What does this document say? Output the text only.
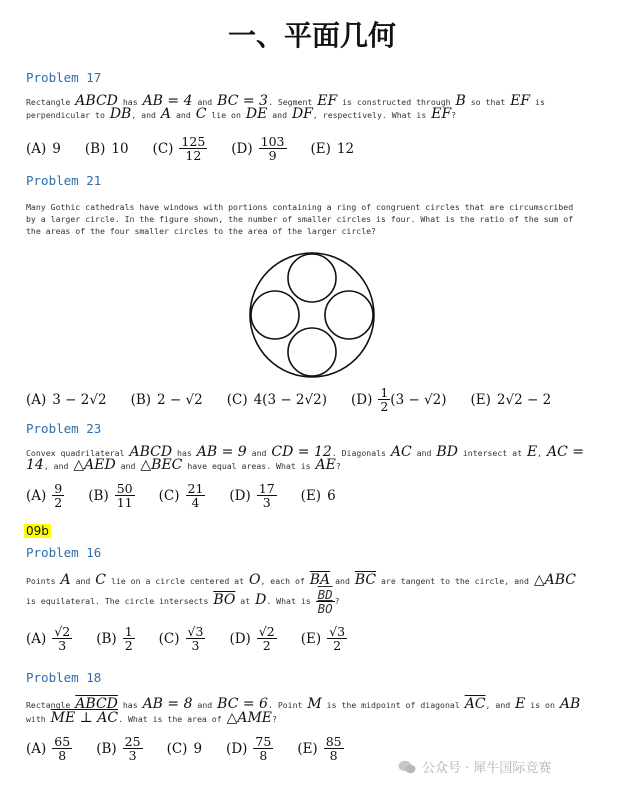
一、平面几何
Problem 17
Rectangle ABCD has AB = 4 and BC = 3. Segment EF is constructed through B so that EF is perpendicular to DB, and A and C lie on DE and DF, respectively. What is EF?
(A) 9 (B) 10 $(C) \frac{125}{12} (D) \frac{103}{9} (E)$ 12
Problem 21
Many Gothic cathedrals have windows with portions containing a ring of congruent circles that are circumscribed by a larger circle. In the figure shown, the number of smaller circles is four. What is the ratio of the sum of the areas of the four smaller circles to the area of the larger circle?
(A) 3 − 2√2 (B) 2 − √2 (C) 4(3 − 2√2) $(D) \frac{1}{2} (3 - √2)$ (E) 2√2 − 2
Problem 23
Convex quadrilateral ABCD has AB = 9 and CD = 12. Diagonals AC and BD intersect at E, AC = 14, and △AED and △BEC have equal areas. What is AE?
$(A) \frac{9}{2} (B) \frac{50}{11} (C) \frac{21}{4} (D) \frac{17}{3} (E)$ 6
09b
Problem 16
Points A and C lie on a circle centered at O, each of $\overline{BA}$ and $\overline{BC}$ are tangent to the circle, and △ABC is equilateral. The circle intersects $\overline{BO}$ at D. What is $\frac{\overline{BD}}{BO}$ ?
$(A) \frac{√2}{3} (B) \frac{1}{2} (C) \frac{√3}{3} (D) \frac{√2}{2} (E) \frac{√3}{2}$
Problem 18
Rectangle ABCD has AB = 8 and BC = 6. Point M is the midpoint of diagonal $\overline{AC}$, and E is on AB with ME ⊥ AC. What is the area of △AME?
$(A) \frac{65}{8} (B) \frac{25}{3} (C)$ 9 $(D) \frac{75}{8} (E) \frac{85}{8}$
公众号 · 犀牛国际竞赛
